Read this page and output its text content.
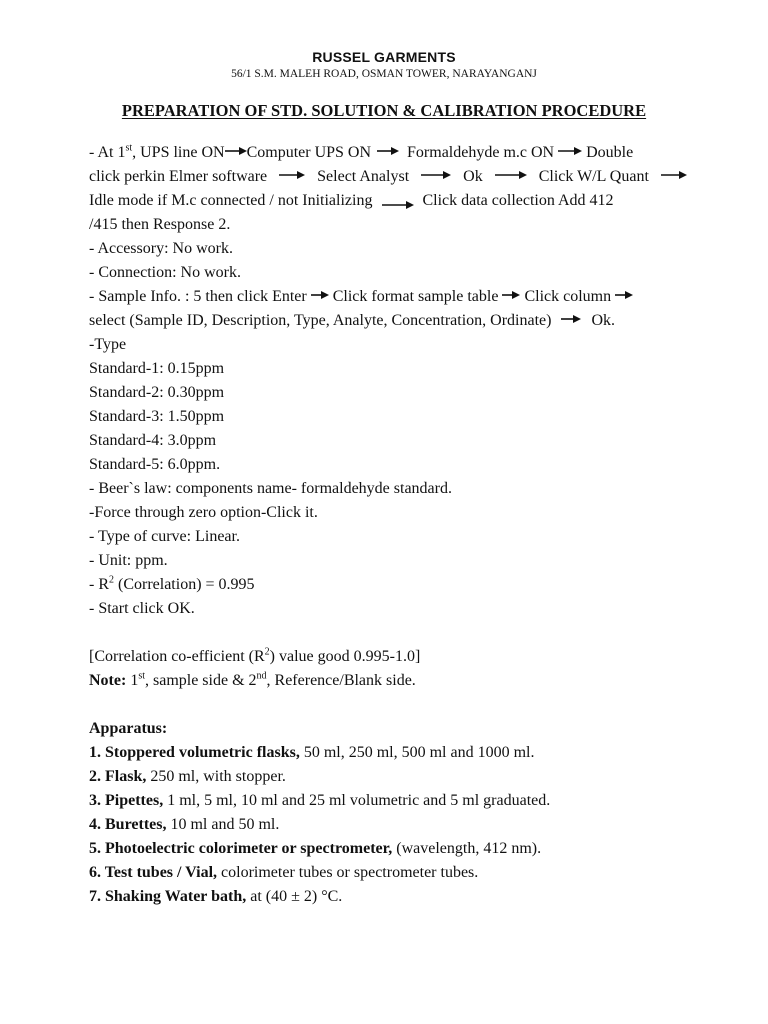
RUSSEL GARMENTS
56/1 S.M. MALEH ROAD, OSMAN TOWER, NARAYANGANJ
PREPARATION OF STD. SOLUTION & CALIBRATION PROCEDURE
- At 1st, UPS line ON Computer UPS ON Formaldehyde m.c ON Double
click perkin Elmer software	Select Analyst	Ok	Click W/L Quant
Idle mode if M.c connected / not Initializing	Click data collection Add 412
/415 then Response 2.
- Accessory: No work.
- Connection: No work.
- Sample Info. : 5 then click Enter Click format sample table Click column
select (Sample ID, Description, Type, Analyte, Concentration, Ordinate)	Ok.
-Type
Standard-1: 0.15ppm
Standard-2: 0.30ppm
Standard-3: 1.50ppm
Standard-4: 3.0ppm
Standard-5: 6.0ppm.
- Beer`s law: components name- formaldehyde standard.
-Force through zero option-Click it.
- Type of curve: Linear.
- Unit: ppm.
- $R^2$ (Correlation) = 0.995
- Start click OK.
[Correlation co-efficient $(R^2)$ value good 0.995-1.0]
Note: 1st, sample side & 2nd, Reference/Blank side.
Apparatus:
1. Stoppered volumetric flasks, 50 ml, 250 ml, 500 ml and 1000 ml.
2. Flask, 250 ml, with stopper.
3. Pipettes, 1 ml, 5 ml, 10 ml and 25 ml volumetric and 5 ml graduated.
4. Burettes, 10 ml and 50 ml.
5. Photoelectric colorimeter or spectrometer, (wavelength, 412 nm).
6. Test tubes / Vial, colorimeter tubes or spectrometer tubes.
7. Shaking Water bath, at (40 ± 2) °C.
